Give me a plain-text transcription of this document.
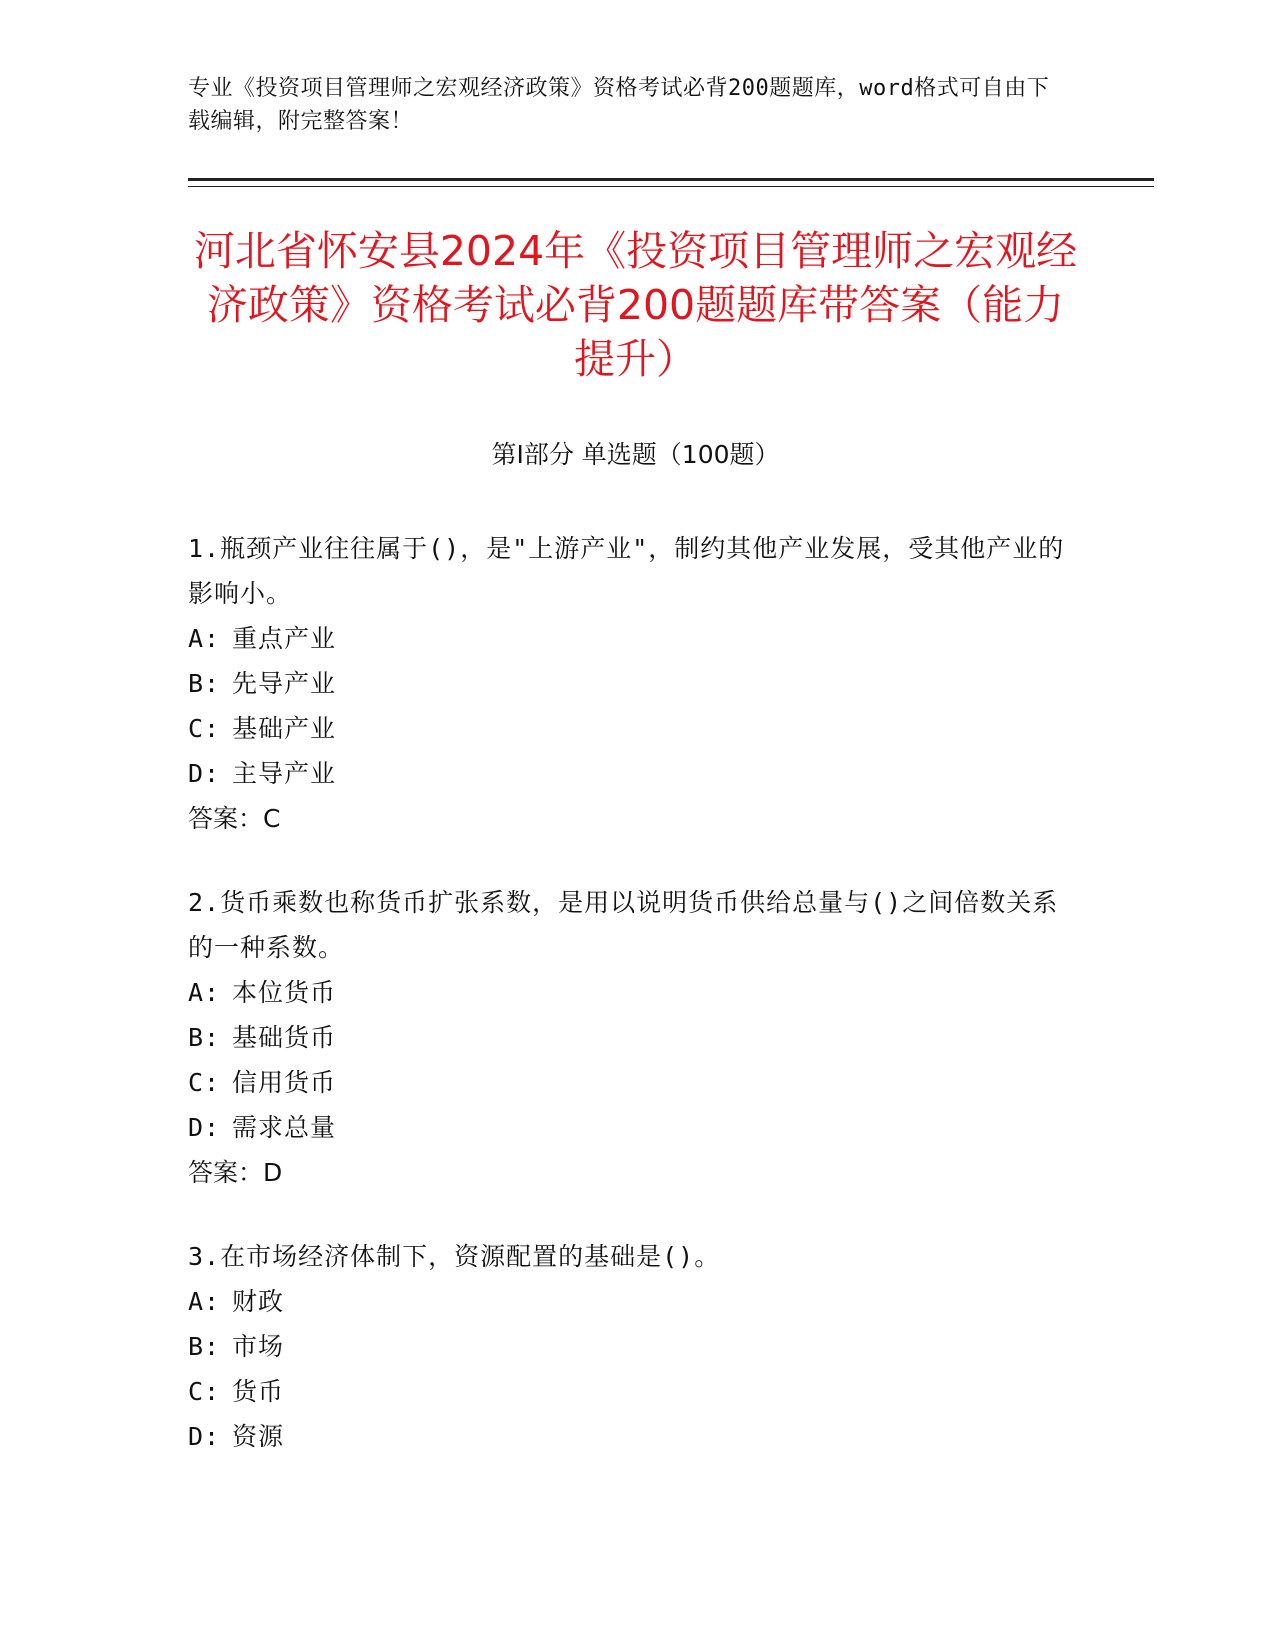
专业《投资项目管理师之宏观经济政策》资格考试必背200题题库，word格式可自由下载编辑，附完整答案！
河北省怀安县2024年《投资项目管理师之宏观经济政策》资格考试必背200题题库带答案（能力提升）
第Ⅰ部分 单选题（100题）
1.瓶颈产业往往属于()，是"上游产业"，制约其他产业发展，受其他产业的影响小。
A: 重点产业
B: 先导产业
C: 基础产业
D: 主导产业
答案：C
2.货币乘数也称货币扩张系数，是用以说明货币供给总量与()之间倍数关系的一种系数。
A: 本位货币
B: 基础货币
C: 信用货币
D: 需求总量
答案：D
3.在市场经济体制下，资源配置的基础是()。
A: 财政
B: 市场
C: 货币
D: 资源
